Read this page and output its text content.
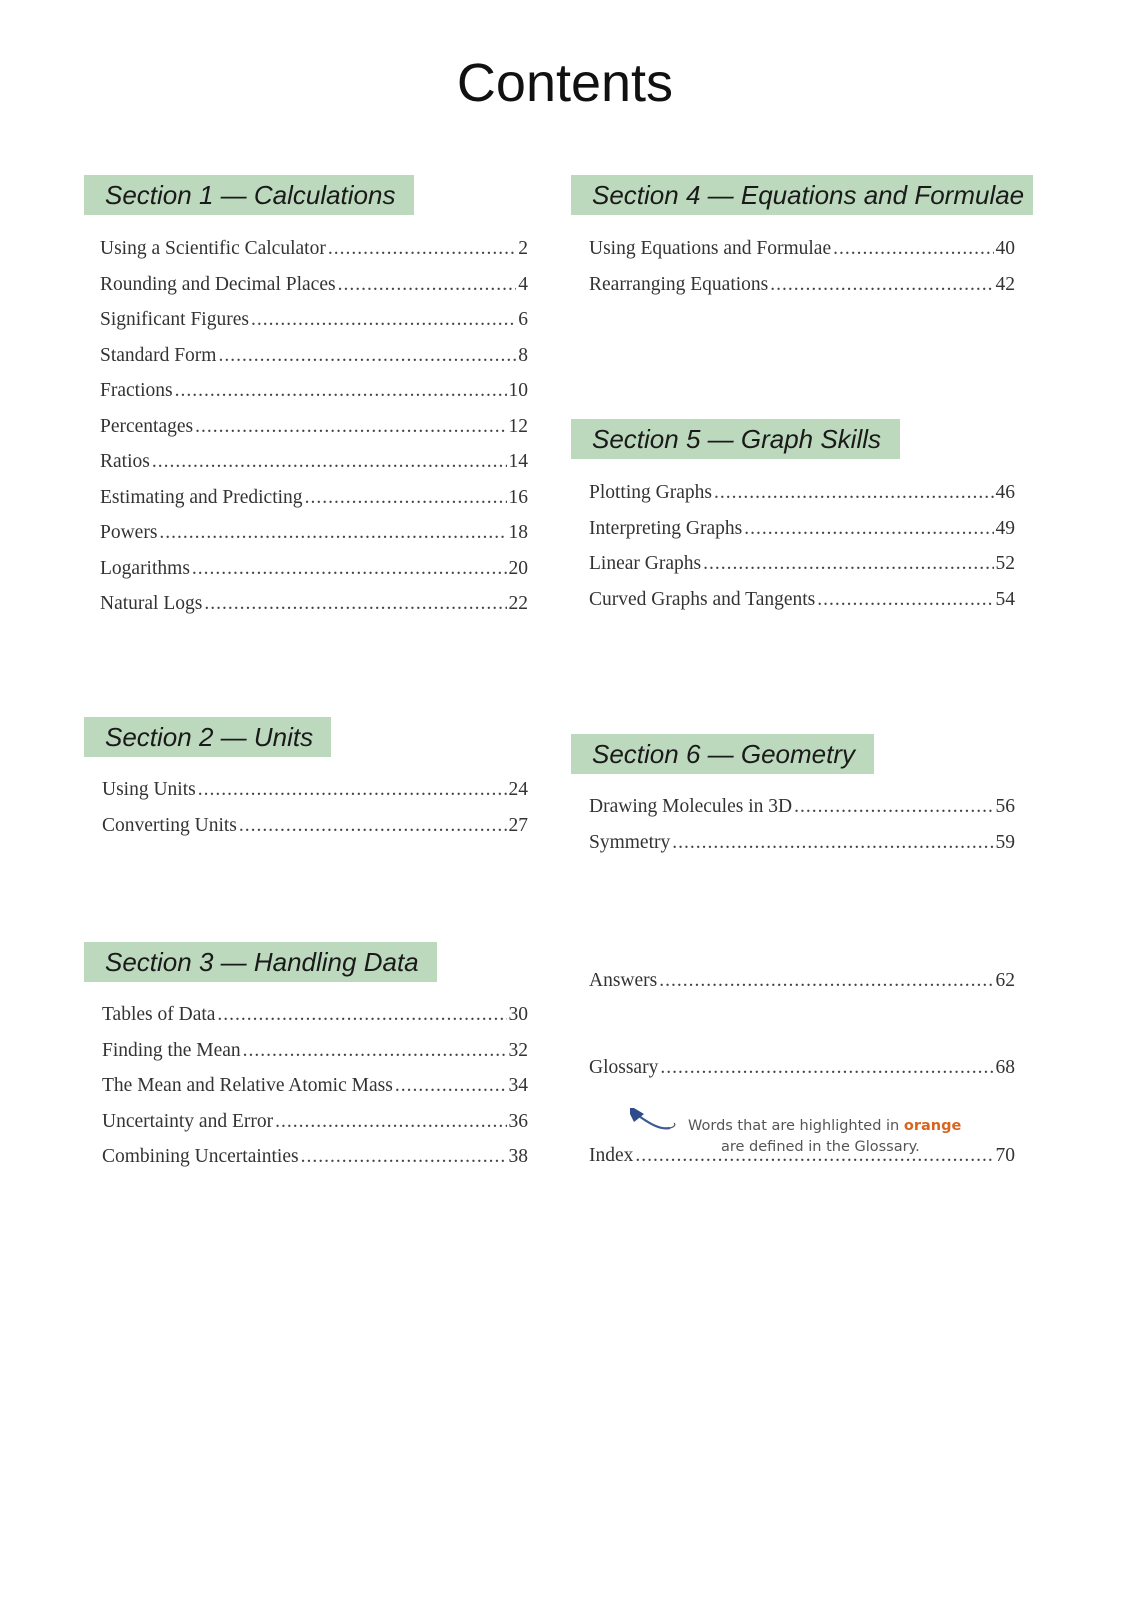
Contents
Section 1 — Calculations
Using a Scientific Calculator .....	2
Rounding and Decimal Places .....	4
Significant Figures .....	6
Standard Form .....	8
Fractions .....	10
Percentages .....	12
Ratios .....	14
Estimating and Predicting .....	16
Powers .....	18
Logarithms .....	20
Natural Logs .....	22
Section 2 — Units
Using Units .....	24
Converting Units .....	27
Section 3 — Handling Data
Tables of Data .....	30
Finding the Mean .....	32
The Mean and Relative Atomic Mass .....	34
Uncertainty and Error .....	36
Combining Uncertainties .....	38
Section 4 — Equations and Formulae
Using Equations and Formulae .....	40
Rearranging Equations .....	42
Section 5 — Graph Skills
Plotting Graphs .....	46
Interpreting Graphs .....	49
Linear Graphs .....	52
Curved Graphs and Tangents .....	54
Section 6 — Geometry
Drawing Molecules in 3D .....	56
Symmetry .....	59
Answers .....	62
Glossary .....	68
Index .....	70
Words that are highlighted in orange
are defined in the Glossary.
